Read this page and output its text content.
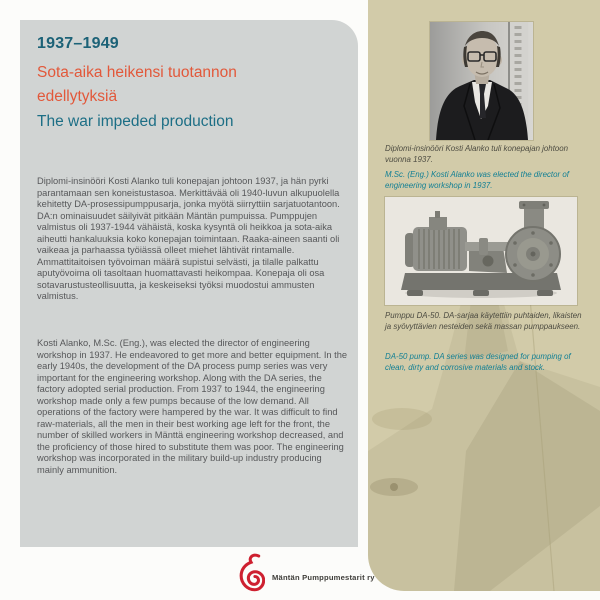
1937–1949
Sota-aika heikensi tuotannon edellytyksiä
The war impeded production
Diplomi-insinööri Kosti Alanko tuli konepajan johtoon 1937, ja hän pyrki parantamaan sen koneistustasoa. Merkittävää oli 1940-luvun alkupuolella kehitetty DA-prosessipumppusarja, jonka myötä siirryttiin sarjatuotantoon. DA:n ominaisuudet säilyivät pitkään Mäntän pumpuissa. Pumppujen valmistus oli 1937-1944 vähäistä, koska kysyntä oli heikkoa ja sota-aika aiheutti hankaluuksia koko konepajan toimintaan. Raaka-aineen saanti oli vaikeaa ja parhaassa työiässä olleet miehet lähtivät rintamalle. Ammattitaitoisen työvoiman määrä supistui selvästi, ja tilalle palkattu aputyövoima oli tasoltaan huomattavasti heikompaa. Konepaja oli osa sotavarustusteollisuutta, ja keskeiseksi työksi muodostui ammusten valmistus.
Kosti Alanko, M.Sc. (Eng.), was elected the director of engineering workshop in 1937. He endeavored to get more and better equipment. In the early 1940s, the development of the DA process pump series was very important for the engineering workshop. Along with the DA series, the factory adopted serial production. From 1937 to 1944, the engineering workshop made only a few pumps because of the low demand. All operations of the factory were hampered by the war. It was difficult to find raw-materials, all the men in their best working age left for the front, the number of skilled workers in Mänttä engineering workshop decreased, and the proficiency of those hired to substitute them was poor. The engineering workshop was incorporated in the military build-up industry producing mainly ammunition.
Diplomi-insinööri Kosti Alanko tuli konepajan johtoon vuonna 1937.
M.Sc. (Eng.) Kosti Alanko was elected the director of engineering workshop in 1937.
Pumppu DA-50. DA-sarjaa käytettiin puhtaiden, likaisten ja syövyttävien nesteiden sekä massan pumppaukseen.
DA-50 pump. DA series was designed for pumping of clean, dirty and corrosive materials and stock.
Mäntän Pumppumestarit ry
